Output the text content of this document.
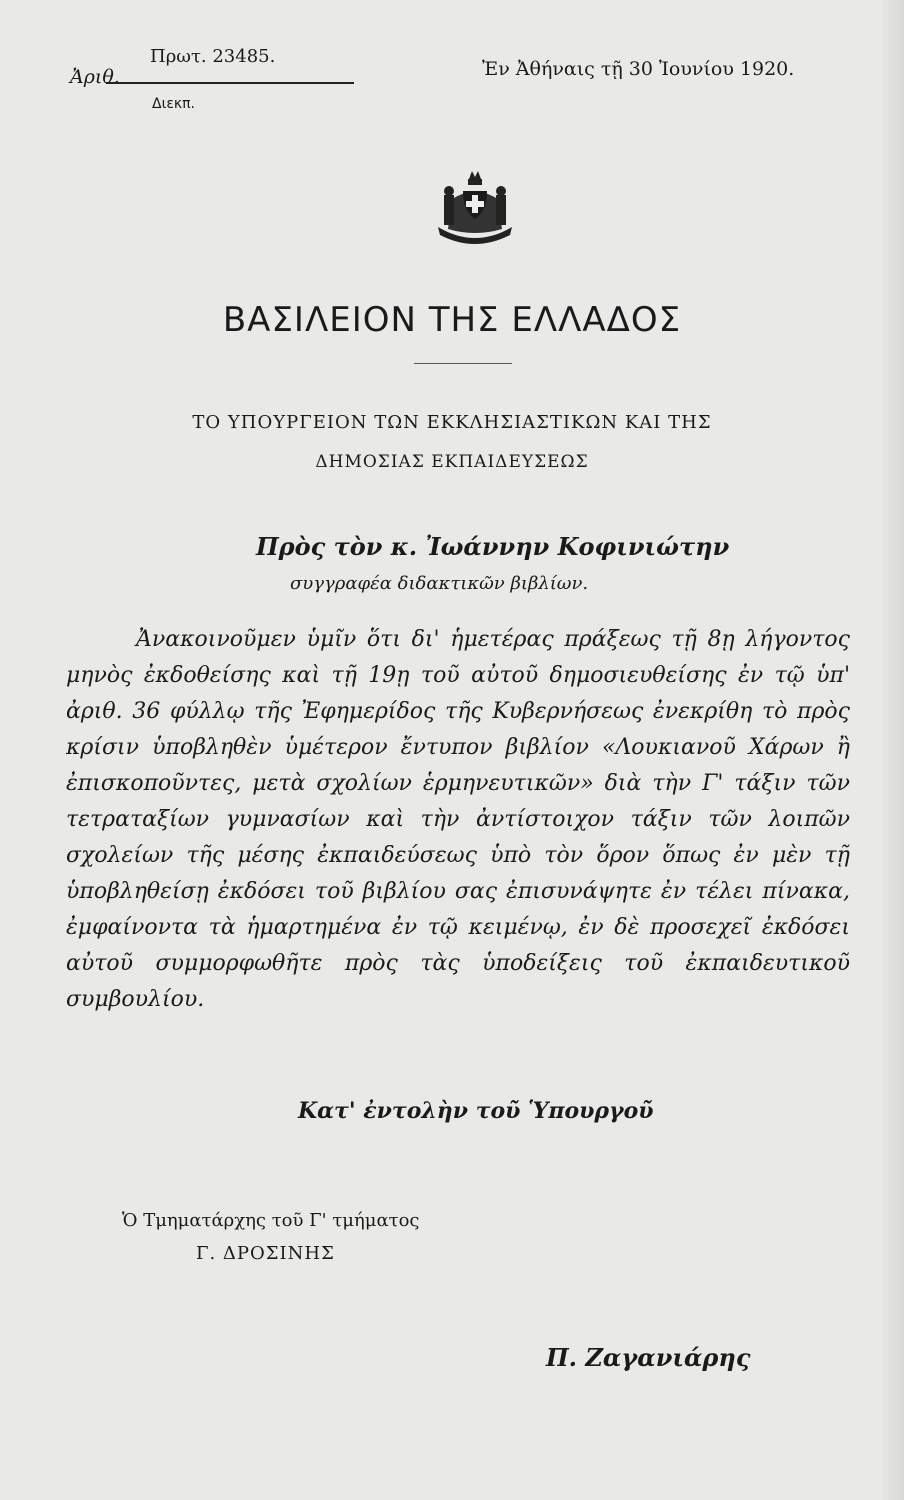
Ἀριθ.
Πρωτ. 23485.
Διεκπ.
Ἐν Ἀθήναις τῇ 30 Ἰουνίου 1920.
ΒΑΣΙΛΕΙΟΝ ΤΗΣ ΕΛΛΑΔΟΣ
ΤΟ ΥΠΟΥΡΓΕΙΟΝ ΤΩΝ ΕΚΚΛΗΣΙΑΣΤΙΚΩΝ ΚΑΙ ΤΗΣ
ΔΗΜΟΣΙΑΣ ΕΚΠΑΙΔΕΥΣΕΩΣ
Πρὸς τὸν κ. Ἰωάννην Κοφινιώτην
συγγραφέα διδακτικῶν βιβλίων.
Ἀνακοινοῦμεν ὑμῖν ὅτι δι' ἡμετέρας πράξεως τῇ 8ῃ λήγοντος μηνὸς ἐκδοθείσης καὶ τῇ 19ῃ τοῦ αὐτοῦ δημοσιευθείσης ἐν τῷ ὑπ' ἀριθ. 36 φύλλῳ τῆς Ἐφημερίδος τῆς Κυβερνήσεως ἐνεκρίθη τὸ πρὸς κρίσιν ὑποβληθὲν ὑμέτερον ἔντυπον βιβλίον «Λουκιανοῦ Χάρων ἢ ἐπισκοποῦντες, μετὰ σχολίων ἑρμηνευτικῶν» διὰ τὴν Γ' τάξιν τῶν τετραταξίων γυμνασίων καὶ τὴν ἀντίστοιχον τάξιν τῶν λοιπῶν σχολείων τῆς μέσης ἐκπαιδεύσεως ὑπὸ τὸν ὅρον ὅπως ἐν μὲν τῇ ὑποβληθείσῃ ἐκδόσει τοῦ βιβλίου σας ἐπισυνάψητε ἐν τέλει πίνακα, ἐμφαίνοντα τὰ ἡμαρτημένα ἐν τῷ κειμένῳ, ἐν δὲ προσεχεῖ ἐκδόσει αὐτοῦ συμμορφωθῆτε πρὸς τὰς ὑποδείξεις τοῦ ἐκπαιδευτικοῦ συμβουλίου.
Κατ' ἐντολὴν τοῦ Ὑπουργοῦ
Ὁ Τμηματάρχης τοῦ Γ' τμήματος
Γ. ΔΡΟΣΙΝΗΣ
Π. Ζαγανιάρης
